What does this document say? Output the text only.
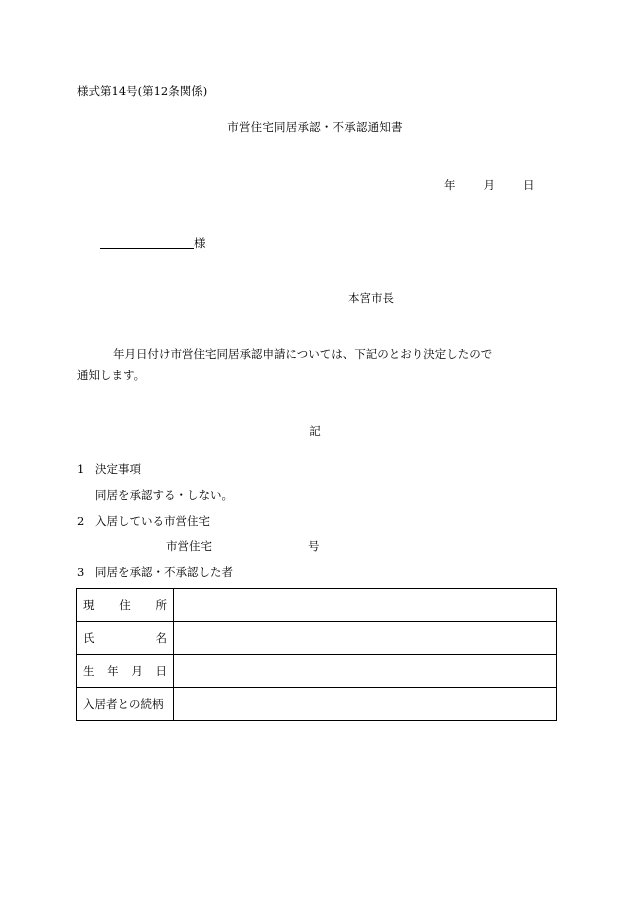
様式第14号(第12条関係)
市営住宅同居承認・不承認通知書
年 月 日
様
本宮市長
年月日付け市営住宅同居承認申請については、下記のとおり決定したので
通知します。
記
1 決定事項
同居を承認する・しない。
2 入居している市営住宅
市営住宅	号
3 同居を承認・不承認した者
現 住 所	

氏 名	

生 年 月 日	

入居者との続柄	
